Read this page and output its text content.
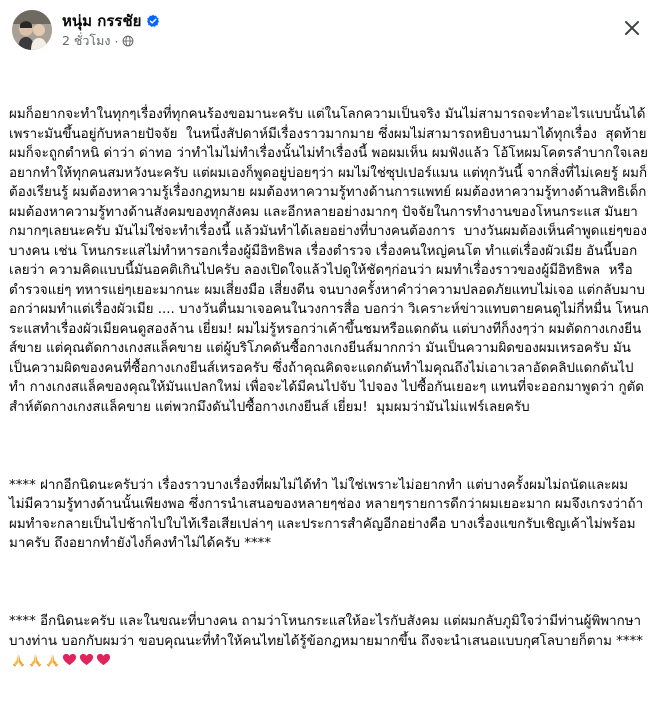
หนุ่ม กรรชัย
2 ชั่วโมง ·

ผมก็อยากจะทำในทุกๆเรื่องที่ทุกคนร้องขอมานะครับ แต่ในโลกความเป็นจริง มันไม่สามารถจะทำอะไรแบบนั้นได้ เพราะมันขึ้นอยู่กับหลายปัจจัย  ในหนึ่งสัปดาห์มีเรื่องราวมากมาย ซึ่งผมไม่สามารถหยิบงานมาได้ทุกเรื่อง  สุดท้ายผมก็จะถูกตำหนิ ด่าว่า ด่าทอ ว่าทำไมไม่ทำเรื่องนั้นไม่ทำเรื่องนี้ พอผมเห็น ผมฟังแล้ว โอ้โหผมโคตรลำบากใจเลย อยากทำให้ทุกคนสมหวังนะครับ แต่ผมเองก็พูดอยู่บ่อยๆว่า ผมไม่ใช่ซุปเปอร์แมน แต่ทุกวันนี้ จากสิ่งที่ไม่เคยรู้ ผมก็ต้องเรียนรู้ ผมต้องหาความรู้เรื่องกฎหมาย ผมต้องหาความรู้ทางด้านการแพทย์ ผมต้องหาความรู้ทางด้านสิทธิเด็ก ผมต้องหาความรู้ทางด้านสังคมของทุกสังคม และอีกหลายอย่างมากๆ ปัจจัยในการทำงานของโหนกระแส มันยากมากๆเลยนะครับ มันไม่ใช่จะทำเรื่องนี้ แล้วมันทำได้เลยอย่างที่บางคนต้องการ  บางวันผมต้องเห็นคำพูดแย่ๆของบางคน เช่น โหนกระแสไม่ทำหารอกเรื่องผู้มีอิทธิพล เรื่องตำรวจ เรื่องคนใหญ่คนโต ทำแต่เรื่องผัวเมีย อันนี้บอกเลยว่า ความคิดแบบนี้มันอคติเกินไปครับ ลองเปิดใจแล้วไปดูให้ชัดๆก่อนว่า ผมทำเรื่องราวของผู้มีอิทธิพล  หรือตำรวจแย่ๆ ทหารแย่ๆเยอะมากนะ ผมเสี่ยงมือ เสี่ยงตีน จนบางครั้งหาคำว่าความปลอดภัยแทบไม่เจอ แต่กลับมาบอกว่าผมทำแต่เรื่องผัวเมีย .... บางวันตื่นมาเจอคนในวงการสื่อ บอกว่า วิเคราะห์ข่าวแทบตายคนดูไม่กี่หมื่น โหนกระแสทำเรื่องผัวเมียคนดูสองล้าน เยี่ยม! ผมไม่รู้หรอกว่าเค้าขึ้นชมหรือแดกดัน แต่บางทีก็งงๆว่า ผมตัดกางเกงยีนส์ขาย แต่คุณตัดกางเกงสแล็คขาย แต่ผู้บริโภคดันซื้อกางเกงยีนส์มากกว่า มันเป็นความผิดของผมเหรอครับ มันเป็นความผิดของคนที่ซื้อกางเกงยีนส์เหรอครับ ซึ่งถ้าคุณคิดจะแดกดันทำไมคุณถึงไม่เอาเวลาอัดคลิปแดกดันไปทำ กางเกงสแล็คของคุณให้มันแปลกใหม่ เพื่อจะได้มีคนไปจับ ไปจอง ไปซื้อกันเยอะๆ แทนที่จะออกมาพูดว่า กูตัดสำห์ตัดกางเกงสแล็คขาย แต่พวกมึงดันไปซื้อกางเกงยีนส์ เยี่ยม!  มุมผมว่ามันไม่แฟร์เลยครับ

**** ฝากอีกนิดนะครับว่า เรื่องราวบางเรื่องที่ผมไม่ได้ทำ ไม่ใช่เพราะไม่อยากทำ แต่บางครั้งผมไม่ถนัดและผมไม่มีความรู้ทางด้านนั้นเพียงพอ ซึ่งการนำเสนอของหลายๆช่อง หลายๆรายการดีกว่าผมเยอะมาก ผมจึงเกรงว่าถ้าผมทำจะกลายเป็นไปช้ากไปใบไท้เรือเสียเปล่าๆ และประการสำคัญอีกอย่างคือ บางเรื่องแขกรับเชิญเค้าไม่พร้อมมาครับ ถึงอยากทำยังไงก็คงทำไม่ได้ครับ ****

**** อีกนิดนะครับ และในขณะที่บางคน ถามว่าโหนกระแสให้อะไรกับสังคม แต่ผมกลับภูมิใจว่ามีท่านผู้พิพากษาบางท่าน บอกกับผมว่า ขอบคุณนะที่ทำให้คนไทยได้รู้ข้อกฎหมายมากขึ้น ถึงจะนำเสนอแบบกุศโลบายก็ตาม ****
